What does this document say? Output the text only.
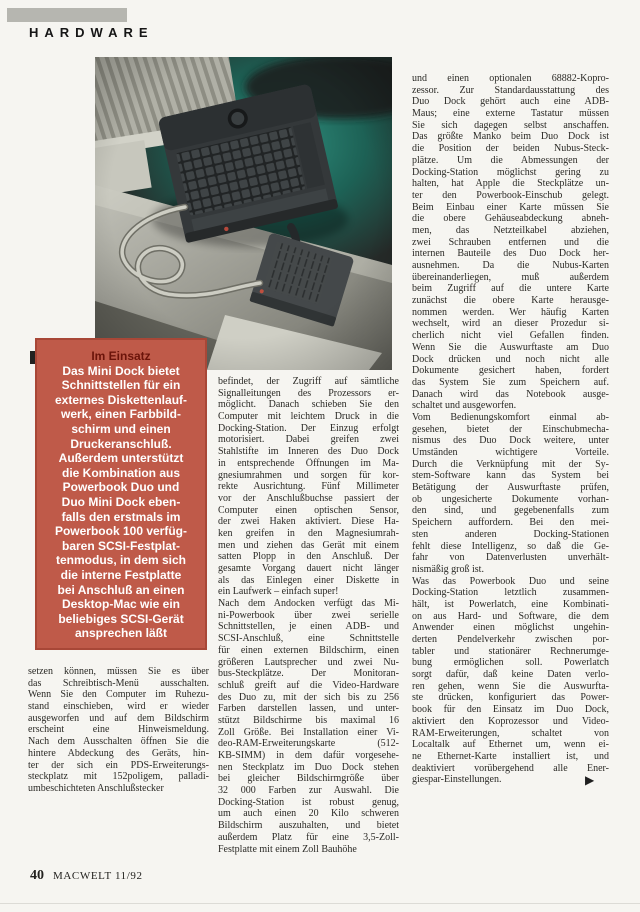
HARDWARE
Im Einsatz
Das Mini Dock bietet
Schnittstellen für ein
externes Diskettenlauf-
werk, einen Farbbild-
schirm und einen
Druckeranschluß.
Außerdem unterstützt
die Kombination aus
Powerbook Duo und
Duo Mini Dock eben-
falls den erstmals im
Powerbook 100 verfüg-
baren SCSI-Festplat-
tenmodus, in dem sich
die interne Festplatte
bei Anschluß an einen
Desktop-Mac wie ein
beliebiges SCSI-Gerät
ansprechen läßt
setzen können, müssen Sie es über
das Schreibtisch-Menü ausschalten.
Wenn Sie den Computer im Ruhezu-
stand einschieben, wird er wieder
ausgeworfen und auf dem Bildschirm
erscheint eine Hinweismeldung.
Nach dem Ausschalten öffnen Sie die
hintere Abdeckung des Geräts, hin-
ter der sich ein PDS-Erweiterungs-
steckplatz mit 152poligem, palladi-
umbeschichteten Anschlußstecker
befindet, der Zugriff auf sämtliche
Signalleitungen des Prozessors er-
möglicht. Danach schieben Sie den
Computer mit leichtem Druck in die
Docking-Station. Der Einzug erfolgt
motorisiert. Dabei greifen zwei
Stahlstifte im Inneren des Duo Dock
in entsprechende Öffnungen im Ma-
gnesiumrahmen und sorgen für kor-
rekte Ausrichtung. Fünf Millimeter
vor der Anschlußbuchse passiert der
Computer einen optischen Sensor,
der zwei Haken aktiviert. Diese Ha-
ken greifen in den Magnesiumrah-
men und ziehen das Gerät mit einem
satten Plopp in den Anschluß. Der
gesamte Vorgang dauert nicht länger
als das Einlegen einer Diskette in
ein Laufwerk – einfach super!
Nach dem Andocken verfügt das Mi-
ni-Powerbook über zwei serielle
Schnittstellen, je einen ADB- und
SCSI-Anschluß, eine Schnittstelle
für einen externen Bildschirm, einen
größeren Lautsprecher und zwei Nu-
bus-Steckplätze. Der Monitoran-
schluß greift auf die Video-Hardware
des Duo zu, mit der sich bis zu 256
Farben darstellen lassen, und unter-
stützt Bildschirme bis maximal 16
Zoll Größe. Bei Installation einer Vi-
deo-RAM-Erweiterungskarte (512-
KB-SIMM) in dem dafür vorgesehe-
nen Steckplatz im Duo Dock stehen
bei gleicher Bildschirmgröße über
32 000 Farben zur Auswahl. Die
Docking-Station ist robust genug,
um auch einen 20 Kilo schweren
Bildschirm auszuhalten, und bietet
außerdem Platz für eine 3,5-Zoll-
Festplatte mit einem Zoll Bauhöhe
und einen optionalen 68882-Kopro-
zessor. Zur Standardausstattung des
Duo Dock gehört auch eine ADB-
Maus; eine externe Tastatur müssen
Sie sich dagegen selbst anschaffen.
Das größte Manko beim Duo Dock ist
die Position der beiden Nubus-Steck-
plätze. Um die Abmessungen der
Docking-Station möglichst gering zu
halten, hat Apple die Steckplätze un-
ter den Powerbook-Einschub gelegt.
Beim Einbau einer Karte müssen Sie
die obere Gehäuseabdeckung abneh-
men, das Netzteilkabel abziehen,
zwei Schrauben entfernen und die
internen Bauteile des Duo Dock her-
ausnehmen. Da die Nubus-Karten
übereinanderliegen, muß außerdem
beim Zugriff auf die untere Karte
zunächst die obere Karte herausge-
nommen werden. Wer häufig Karten
wechselt, wird an dieser Prozedur si-
cherlich nicht viel Gefallen finden.
Wenn Sie die Auswurftaste am Duo
Dock drücken und noch nicht alle
Dokumente gesichert haben, fordert
das System Sie zum Speichern auf.
Danach wird das Notebook ausge-
schaltet und ausgeworfen.
Vom Bedienungskomfort einmal ab-
gesehen, bietet der Einschubmecha-
nismus des Duo Dock weitere, unter
Umständen wichtigere Vorteile.
Durch die Verknüpfung mit der Sy-
stem-Software kann das System bei
Betätigung der Auswurftaste prüfen,
ob ungesicherte Dokumente vorhan-
den sind, und gegebenenfalls zum
Speichern auffordern. Bei den mei-
sten anderen Docking-Stationen
fehlt diese Intelligenz, so daß die Ge-
fahr von Datenverlusten unverhält-
nismäßig groß ist.
Was das Powerbook Duo und seine
Docking-Station letztlich zusammen-
hält, ist Powerlatch, eine Kombinati-
on aus Hard- und Software, die dem
Anwender einen möglichst ungehin-
derten Pendelverkehr zwischen por-
tabler und stationärer Rechnerumge-
bung ermöglichen soll. Powerlatch
sorgt dafür, daß keine Daten verlo-
ren gehen, wenn Sie die Auswurfta-
ste drücken, konfiguriert das Power-
book für den Einsatz im Duo Dock,
aktiviert den Koprozessor und Video-
RAM-Erweiterungen, schaltet von
Localtalk auf Ethernet um, wenn ei-
ne Ethernet-Karte installiert ist, und
deaktiviert vorübergehend alle Ener-
giespar-Einstellungen.	▶
40 MACWELT 11/92
